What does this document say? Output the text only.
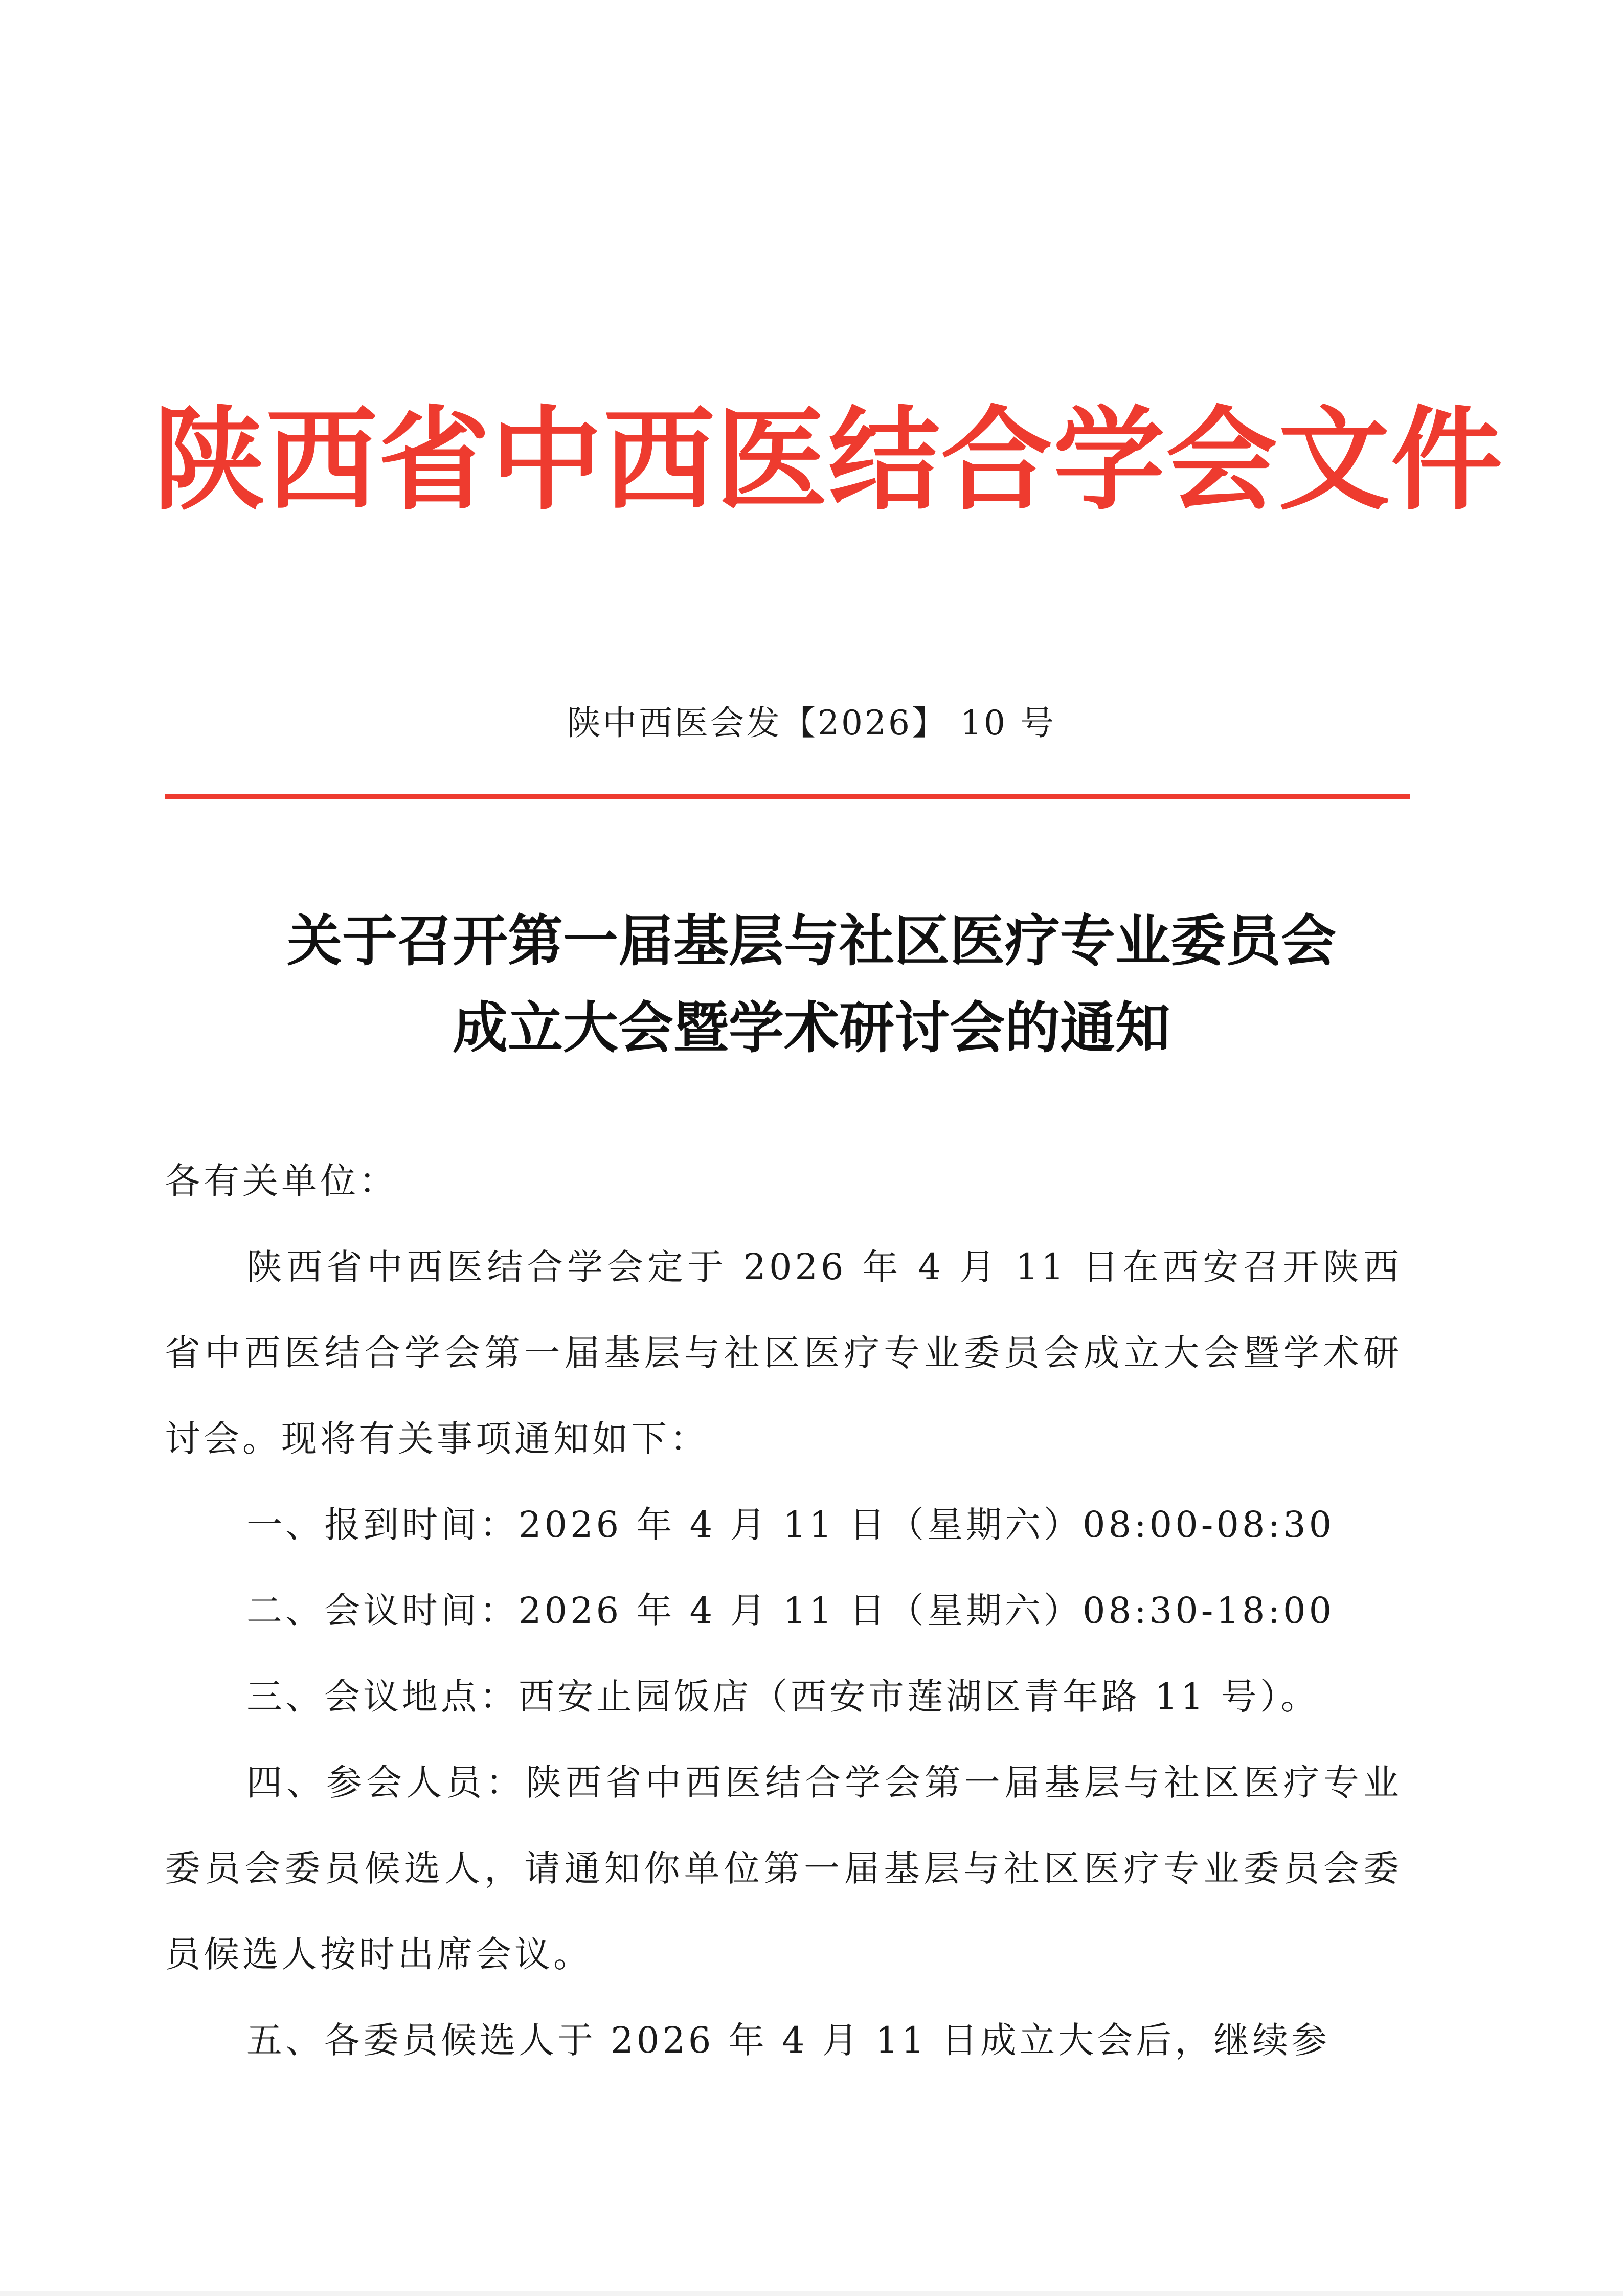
陕西省中西医结合学会文件
陕中西医会发【2026】 10 号
关于召开第一届基层与社区医疗专业委员会
成立大会暨学术研讨会的通知

各有关单位：

陕西省中西医结合学会定于 2026 年 4 月 11 日在西安召开陕西省中西医结合学会第一届基层与社区医疗专业委员会成立大会暨学术研讨会。现将有关事项通知如下：

一、报到时间：2026 年 4 月 11 日（星期六）08:00-08:30

二、会议时间：2026 年 4 月 11 日（星期六）08:30-18:00

三、会议地点：西安止园饭店（西安市莲湖区青年路 11 号）。

四、参会人员：陕西省中西医结合学会第一届基层与社区医疗专业委员会委员候选人，请通知你单位第一届基层与社区医疗专业委员会委员候选人按时出席会议。

五、各委员候选人于 2026 年 4 月 11 日成立大会后，继续参
